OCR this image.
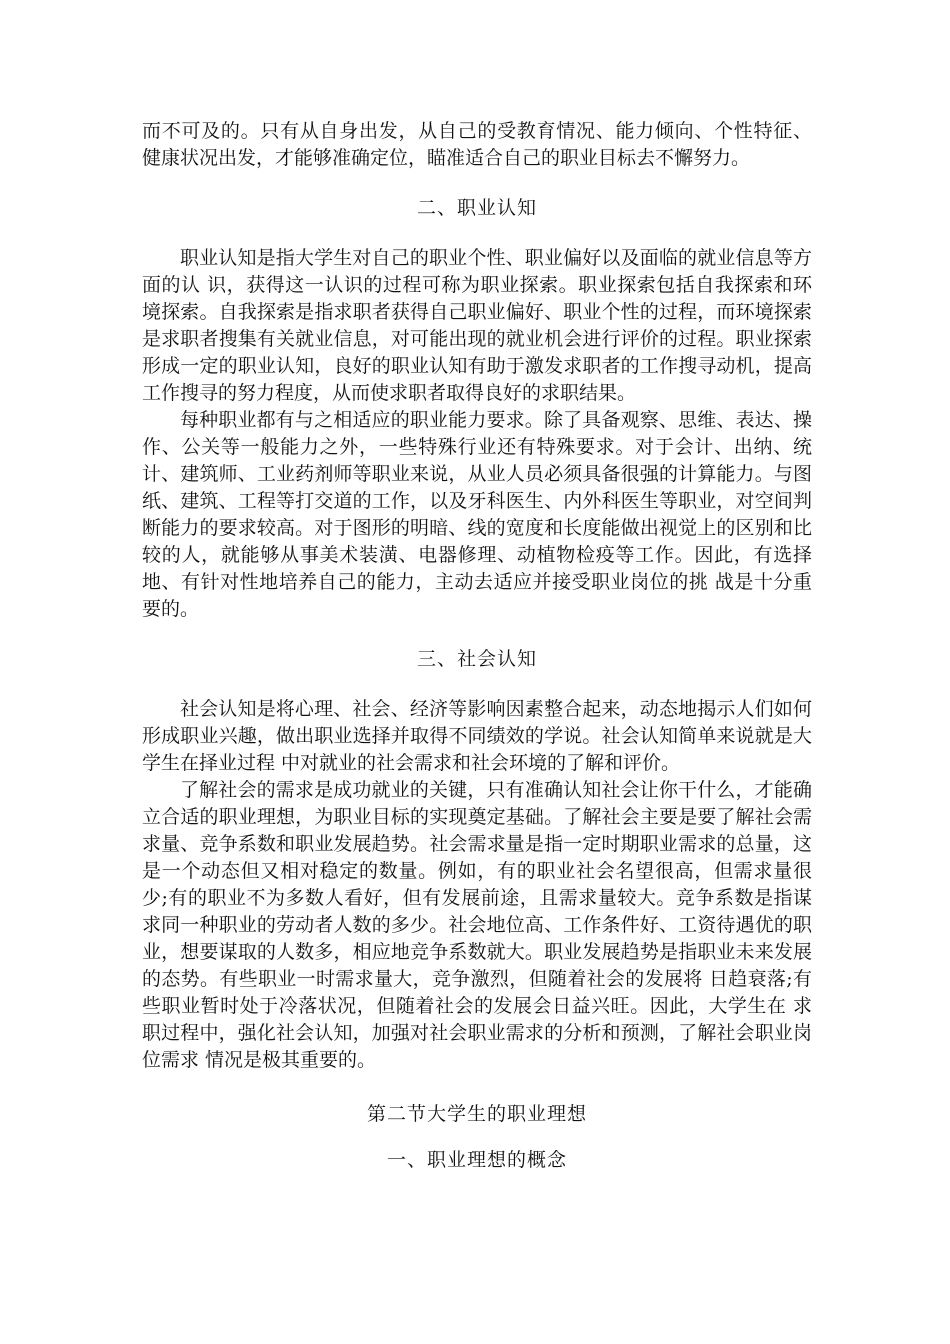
而不可及的。只有从自身出发，从自己的受教育情况、能力倾向、个性特征、 健康状况出发，才能够准确定位，瞄准适合自己的职业目标去不懈努力。

二、职业认知

职业认知是指大学生对自己的职业个性、职业偏好以及面临的就业信息等方面的认 识，获得这一认识的过程可称为职业探索。职业探索包括自我探索和环境探索。自我探索是指求职者获得自己职业偏好、职业个性的过程，而环境探索是求职者搜集有关就业信息，对可能出现的就业机会进行评价的过程。职业探索形成一定的职业认知，良好的职业认知有助于激发求职者的工作搜寻动机，提高工作搜寻的努力程度，从而使求职者取得良好的求职结果。

每种职业都有与之相适应的职业能力要求。除了具备观察、思维、表达、操作、公关等一般能力之外，一些特殊行业还有特殊要求。对于会计、出纳、统计、建筑师、工业药剂师等职业来说，从业人员必须具备很强的计算能力。与图纸、建筑、工程等打交道的工作，以及牙科医生、内外科医生等职业，对空间判断能力的要求较高。对于图形的明暗、线的宽度和长度能做出视觉上的区别和比较的人，就能够从事美术装潢、电器修理、动植物检疫等工作。因此，有选择地、有针对性地培养自己的能力，主动去适应并接受职业岗位的挑 战是十分重要的。

三、社会认知

社会认知是将心理、社会、经济等影响因素整合起来，动态地揭示人们如何形成职业兴趣，做出职业选择并取得不同绩效的学说。社会认知简单来说就是大学生在择业过程 中对就业的社会需求和社会环境的了解和评价。

了解社会的需求是成功就业的关键，只有准确认知社会让你干什么，才能确立合适的职业理想，为职业目标的实现奠定基础。了解社会主要是要了解社会需求量、竞争系数和职业发展趋势。社会需求量是指一定时期职业需求的总量，这是一个动态但又相对稳定的数量。例如，有的职业社会名望很高，但需求量很少;有的职业不为多数人看好，但有发展前途，且需求量较大。竞争系数是指谋求同一种职业的劳动者人数的多少。社会地位高、工作条件好、工资待遇优的职业，想要谋取的人数多，相应地竞争系数就大。职业发展趋势是指职业未来发展的态势。有些职业一时需求量大，竞争激烈，但随着社会的发展将 日趋衰落;有些职业暂时处于冷落状况，但随着社会的发展会日益兴旺。因此，大学生在 求职过程中，强化社会认知，加强对社会职业需求的分析和预测，了解社会职业岗位需求 情况是极其重要的。

第二节大学生的职业理想

一、职业理想的概念
